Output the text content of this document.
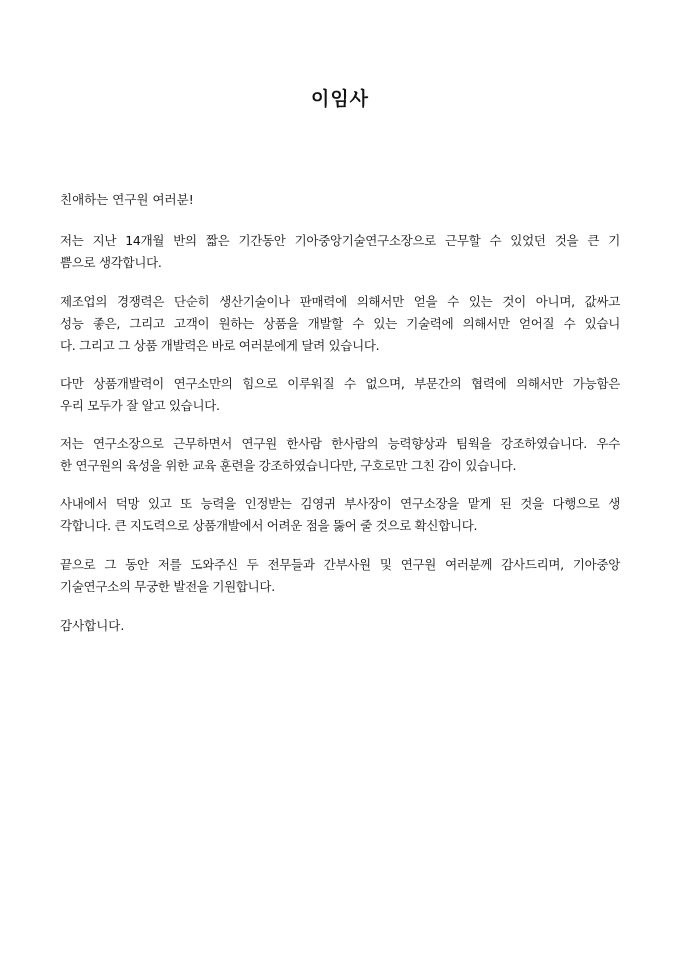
이임사

친애하는 연구원 여러분!

저는 지난 14개월 반의 짧은 기간동안 기아중앙기술연구소장으로 근무할 수 있었던 것을 큰 기
쁨으로 생각합니다.
제조업의 경쟁력은 단순히 생산기술이나 판매력에 의해서만 얻을 수 있는 것이 아니며, 값싸고
성능 좋은, 그리고 고객이 원하는 상품을 개발할 수 있는 기술력에 의해서만 얻어질 수 있습니
다. 그리고 그 상품 개발력은 바로 여러분에게 달려 있습니다.
다만 상품개발력이 연구소만의 힘으로 이루워질 수 없으며, 부문간의 협력에 의해서만 가능함은
우리 모두가 잘 알고 있습니다.
저는 연구소장으로 근무하면서 연구원 한사람 한사람의 능력향상과 팀웍을 강조하였습니다. 우수
한 연구원의 육성을 위한 교육 훈련을 강조하였습니다만, 구호로만 그친 감이 있습니다.
사내에서 덕망 있고 또 능력을 인정받는 김영귀 부사장이 연구소장을 맡게 된 것을 다행으로 생
각합니다. 큰 지도력으로 상품개발에서 어려운 점을 뚫어 줄 것으로 확신합니다.
끝으로 그 동안 저를 도와주신 두 전무들과 간부사원 및 연구원 여러분께 감사드리며, 기아중앙
기술연구소의 무궁한 발전을 기원합니다.

감사합니다.
